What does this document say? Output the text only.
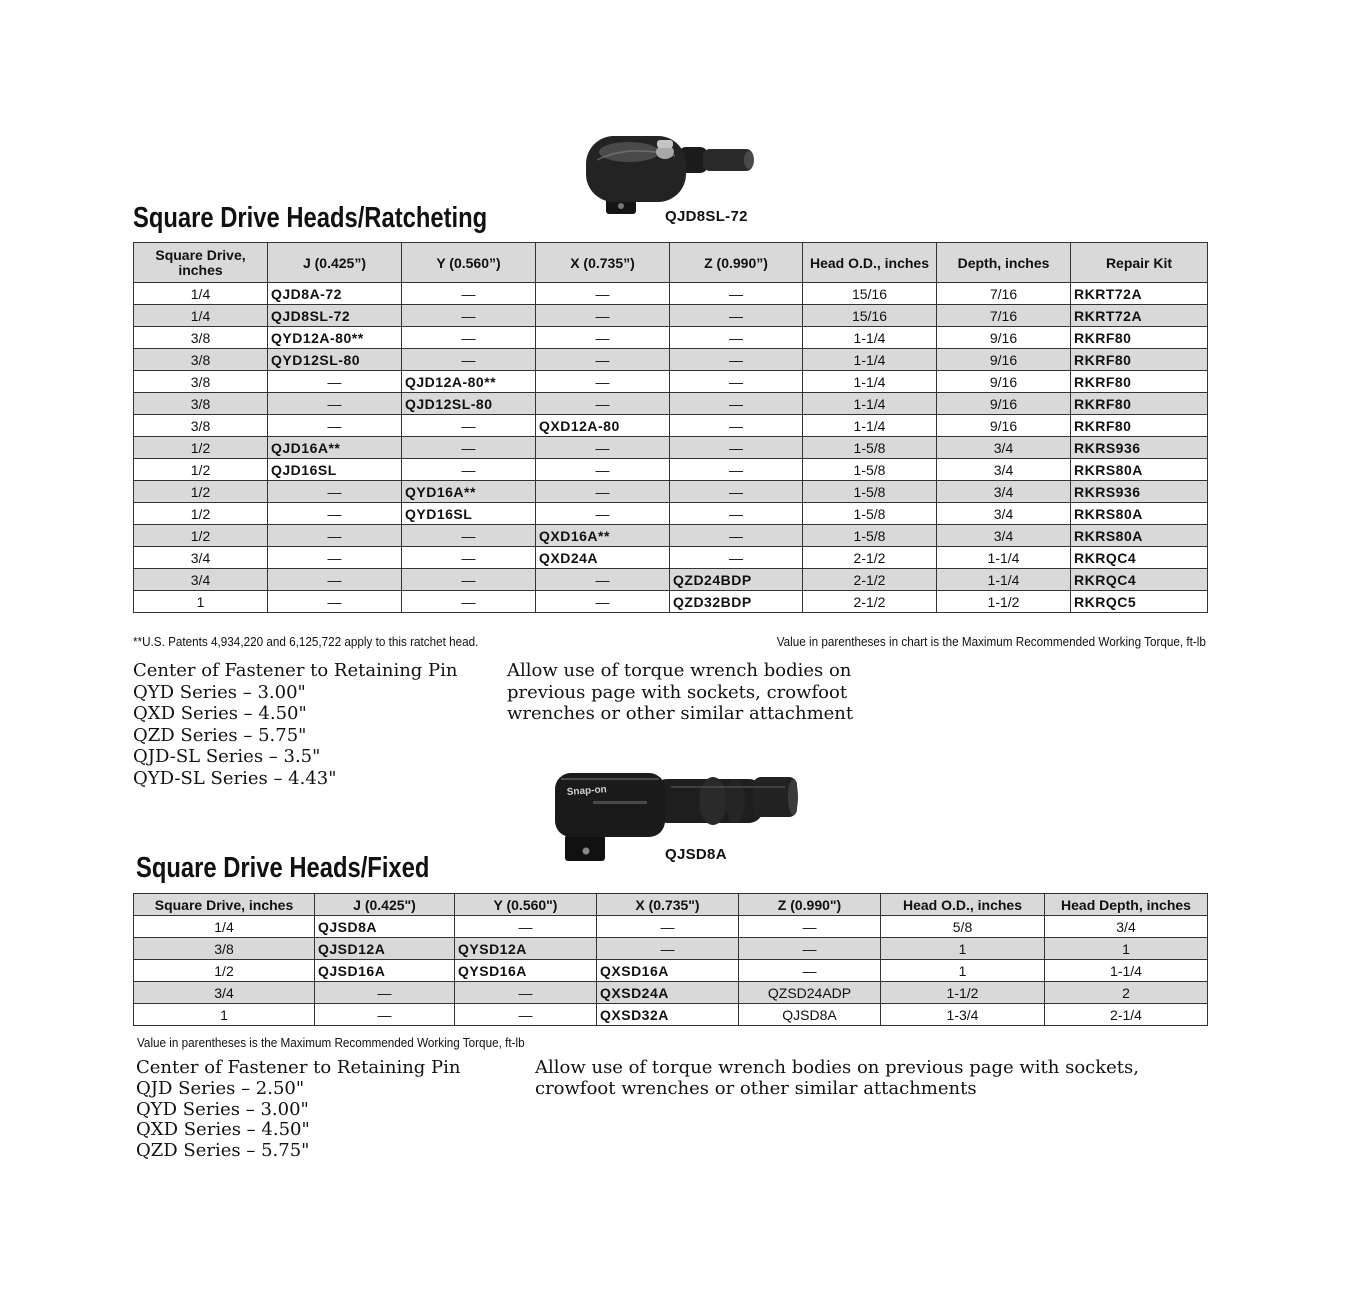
QJD8SL-72
Square Drive Heads/Ratcheting
Square Drive, inches	J (0.425”)	Y (0.560”)	X (0.735”)	Z (0.990”)	Head O.D., inches	Depth, inches	Repair Kit
1/4	QJD8A-72	—	—	—	15/16	7/16	RKRT72A
1/4	QJD8SL-72	—	—	—	15/16	7/16	RKRT72A
3/8	QYD12A-80**	—	—	—	1-1/4	9/16	RKRF80
3/8	QYD12SL-80	—	—	—	1-1/4	9/16	RKRF80
3/8	—	QJD12A-80**	—	—	1-1/4	9/16	RKRF80
3/8	—	QJD12SL-80	—	—	1-1/4	9/16	RKRF80
3/8	—	—	QXD12A-80	—	1-1/4	9/16	RKRF80
1/2	QJD16A**	—	—	—	1-5/8	3/4	RKRS936
1/2	QJD16SL	—	—	—	1-5/8	3/4	RKRS80A
1/2	—	QYD16A**	—	—	1-5/8	3/4	RKRS936
1/2	—	QYD16SL	—	—	1-5/8	3/4	RKRS80A
1/2	—	—	QXD16A**	—	1-5/8	3/4	RKRS80A
3/4	—	—	QXD24A	—	2-1/2	1-1/4	RKRQC4
3/4	—	—	—	QZD24BDP	2-1/2	1-1/4	RKRQC4
1	—	—	—	QZD32BDP	2-1/2	1-1/2	RKRQC5
**U.S. Patents 4,934,220 and 6,125,722 apply to this ratchet head.	Value in parentheses in chart is the Maximum Recommended Working Torque, ft-lb
Center of Fastener to Retaining Pin
QYD Series – 3.00"
QXD Series – 4.50"
QZD Series – 5.75"
QJD-SL Series – 3.5"
QYD-SL Series – 4.43"
Allow use of torque wrench bodies on
previous page with sockets, crowfoot
wrenches or other similar attachment
Snap-on
QJSD8A
Square Drive Heads/Fixed
Square Drive, inches	J (0.425")	Y (0.560")	X (0.735")	Z (0.990")	Head O.D., inches	Head Depth, inches
1/4	QJSD8A	—	—	—	5/8	3/4
3/8	QJSD12A	QYSD12A	—	—	1	1
1/2	QJSD16A	QYSD16A	QXSD16A	—	1	1-1/4
3/4	—	—	QXSD24A	QZSD24ADP	1-1/2	2
1	—	—	QXSD32A	QJSD8A	1-3/4	2-1/4
Value in parentheses is the Maximum Recommended Working Torque, ft-lb
Center of Fastener to Retaining Pin
QJD Series – 2.50"
QYD Series – 3.00"
QXD Series – 4.50"
QZD Series – 5.75"
Allow use of torque wrench bodies on previous page with sockets,
crowfoot wrenches or other similar attachments
